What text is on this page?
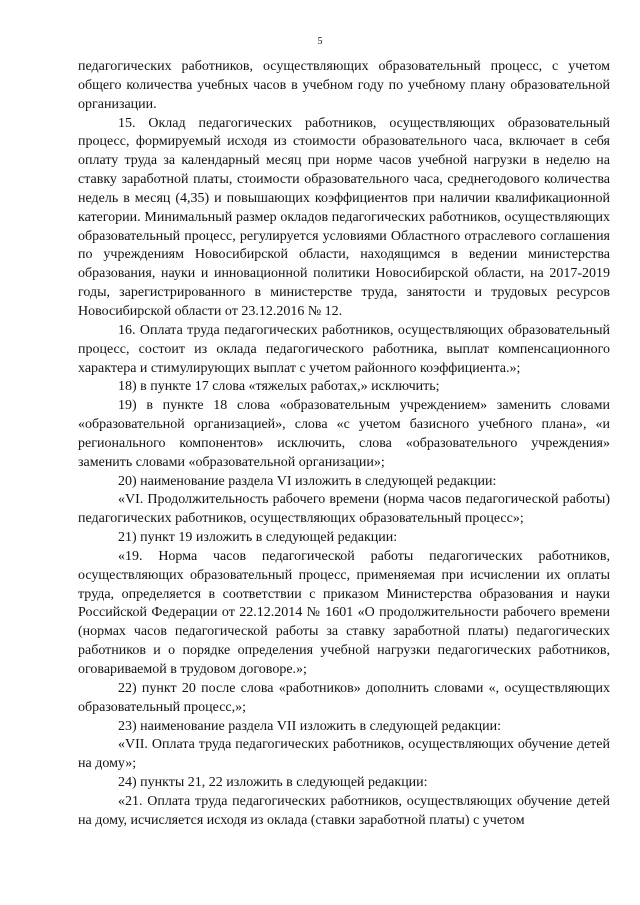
5

педагогических работников, осуществляющих образовательный процесс, с учетом общего количества учебных часов в учебном году по учебному плану образовательной организации.

15. Оклад педагогических работников, осуществляющих образовательный процесс, формируемый исходя из стоимости образовательного часа, включает в себя оплату труда за календарный месяц при норме часов учебной нагрузки в неделю на ставку заработной платы, стоимости образовательного часа, среднегодового количества недель в месяц (4,35) и повышающих коэффициентов при наличии квалификационной категории. Минимальный размер окладов педагогических работников, осуществляющих образовательный процесс, регулируется условиями Областного отраслевого соглашения по учреждениям Новосибирской области, находящимся в ведении министерства образования, науки и инновационной политики Новосибирской области, на 2017-2019 годы, зарегистрированного в министерстве труда, занятости и трудовых ресурсов Новосибирской области от 23.12.2016 № 12.

16. Оплата труда педагогических работников, осуществляющих образовательный процесс, состоит из оклада педагогического работника, выплат компенсационного характера и стимулирующих выплат с учетом районного коэффициента.»;

18) в пункте 17 слова «тяжелых работах,» исключить;

19) в пункте 18 слова «образовательным учреждением» заменить словами «образовательной организацией», слова «с учетом базисного учебного плана», «и регионального компонентов» исключить, слова «образовательного учреждения» заменить словами «образовательной организации»;

20) наименование раздела VI изложить в следующей редакции:

«VI. Продолжительность рабочего времени (норма часов педагогической работы) педагогических работников, осуществляющих образовательный процесс»;

21) пункт 19 изложить в следующей редакции:

«19. Норма часов педагогической работы педагогических работников, осуществляющих образовательный процесс, применяемая при исчислении их оплаты труда, определяется в соответствии с приказом Министерства образования и науки Российской Федерации от 22.12.2014 № 1601 «О продолжительности рабочего времени (нормах часов педагогической работы за ставку заработной платы) педагогических работников и о порядке определения учебной нагрузки педагогических работников, оговариваемой в трудовом договоре.»;

22) пункт 20 после слова «работников» дополнить словами «, осуществляющих образовательный процесс,»;

23) наименование раздела VII изложить в следующей редакции:

«VII. Оплата труда педагогических работников, осуществляющих обучение детей на дому»;

24) пункты 21, 22 изложить в следующей редакции:

«21. Оплата труда педагогических работников, осуществляющих обучение детей на дому, исчисляется исходя из оклада (ставки заработной платы) с учетом
